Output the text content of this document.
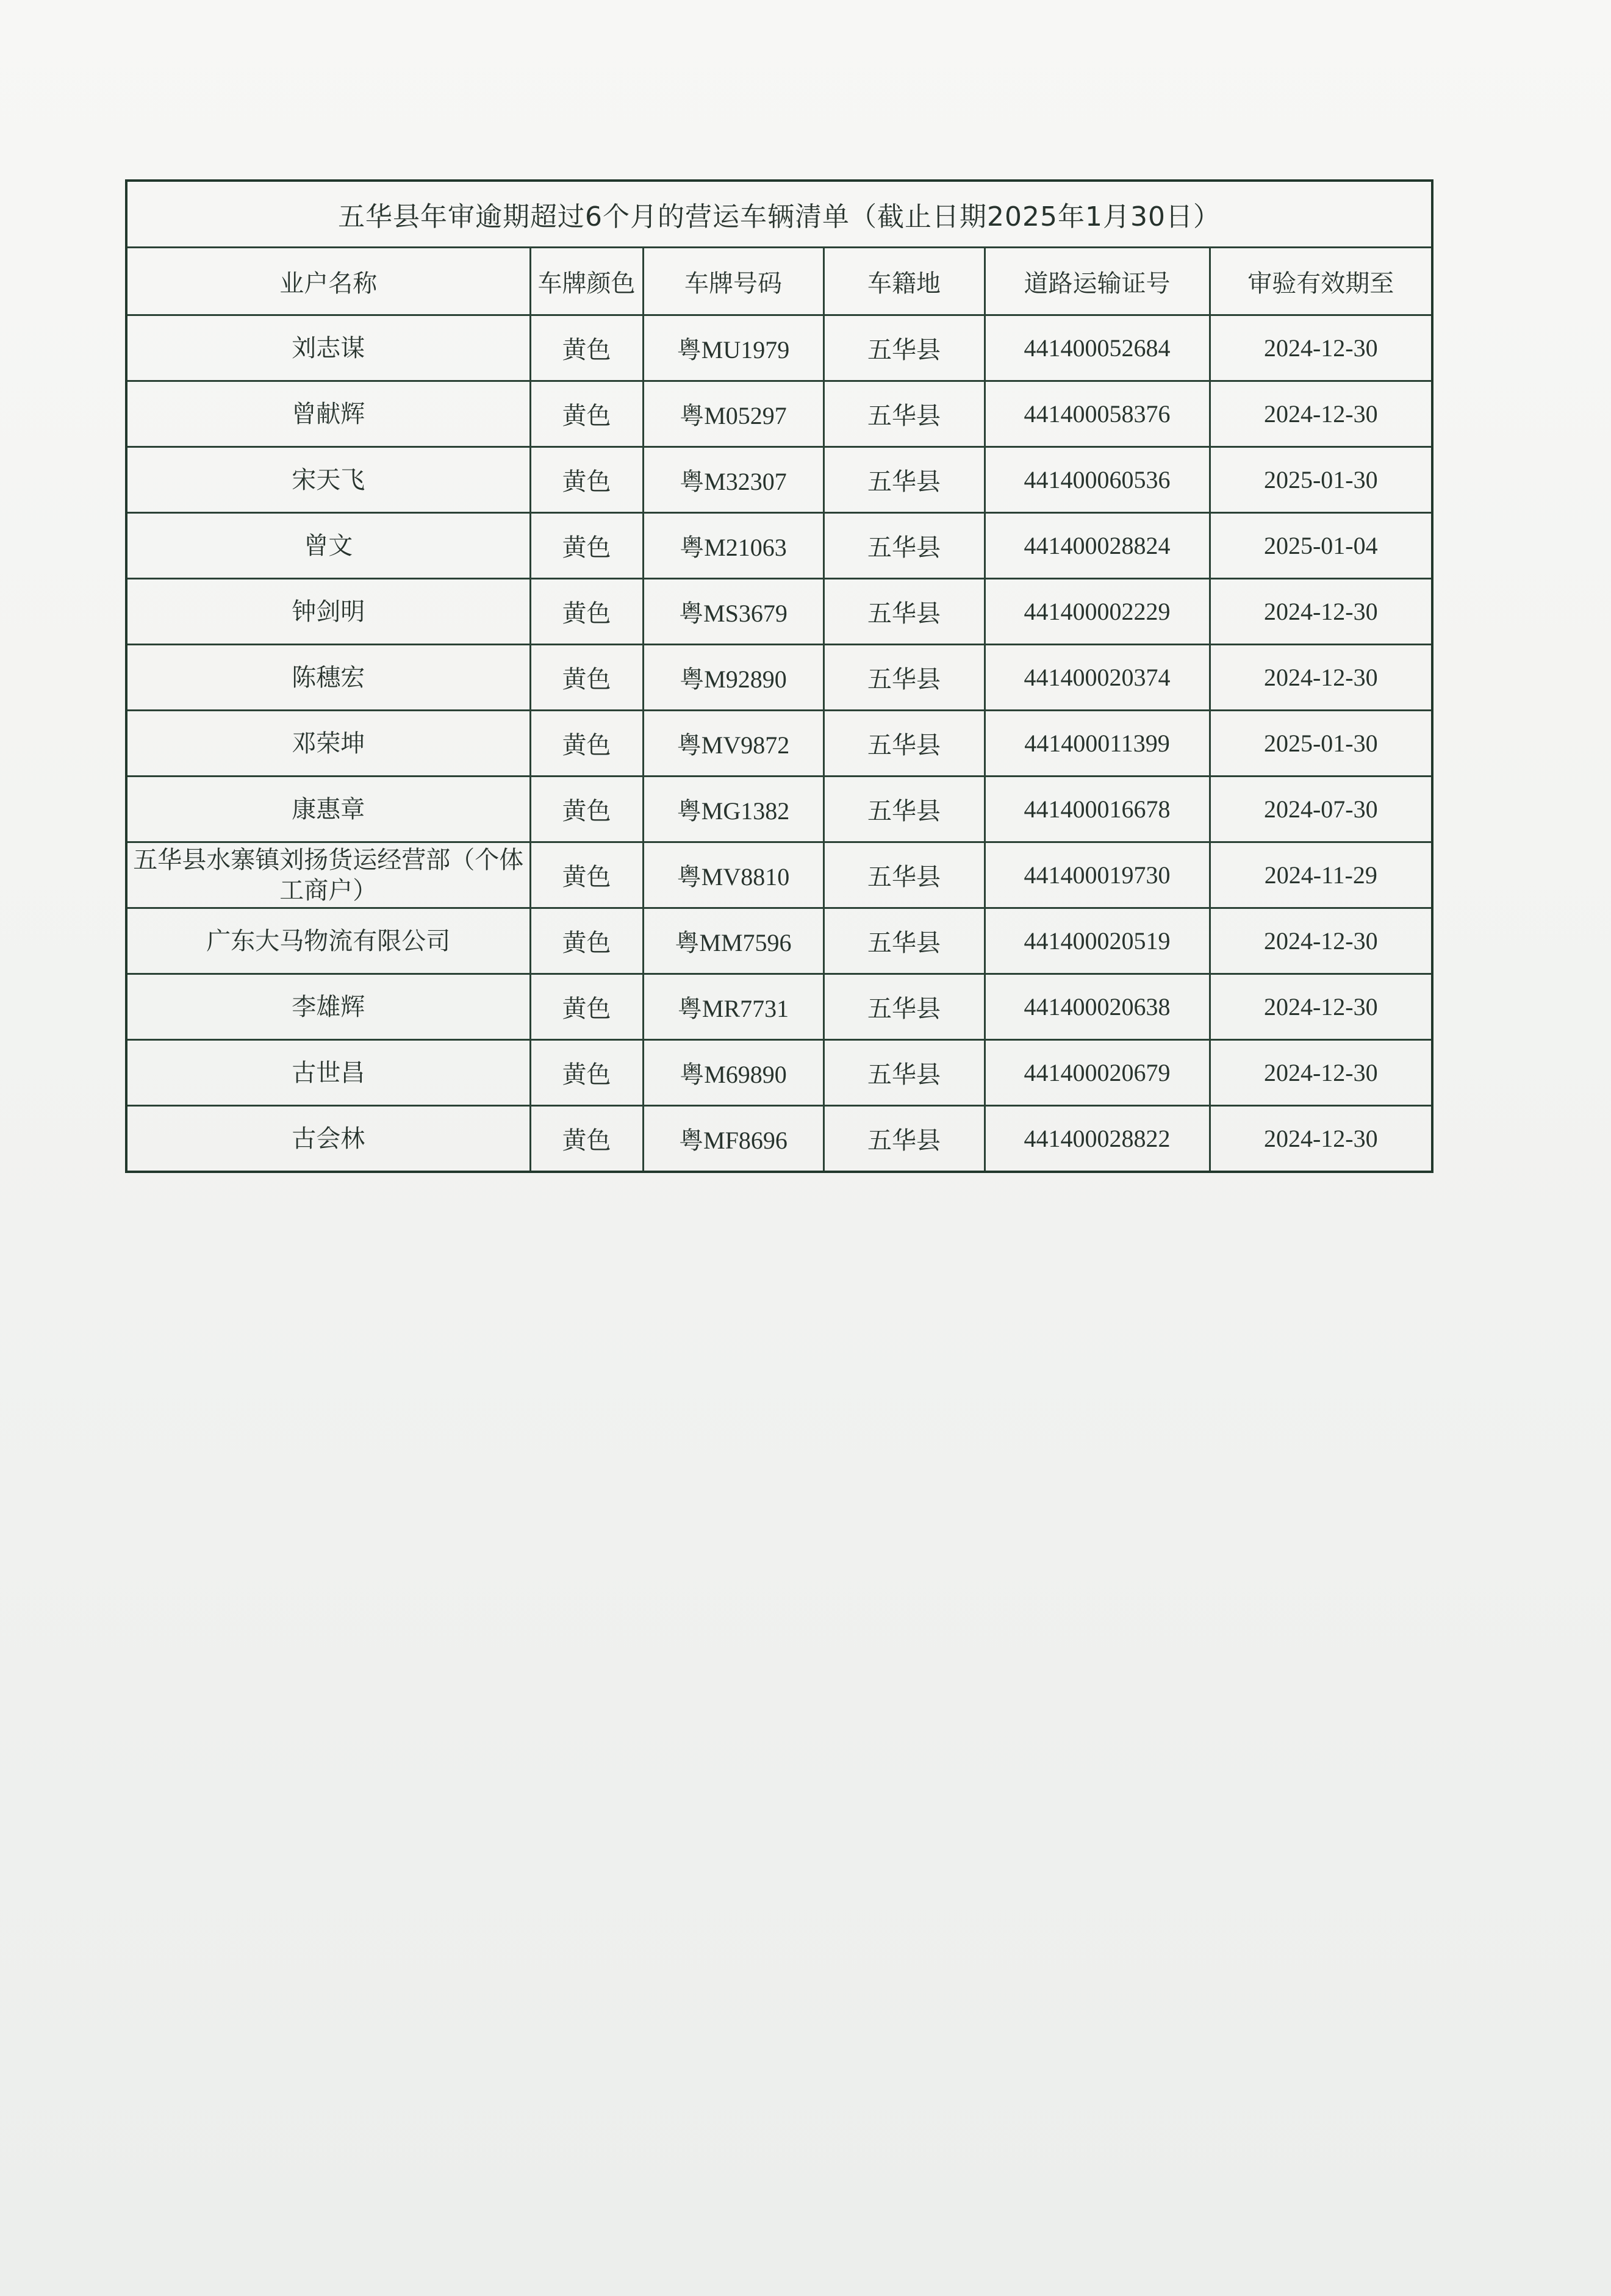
五华县年审逾期超过6个月的营运车辆清单（截止日期2025年1月30日）					
业户名称	车牌颜色	车牌号码	车籍地	道路运输证号	审验有效期至
刘志谋	黄色	粤MU1979	五华县	441400052684	2024-12-30
曾献辉	黄色	粤M05297	五华县	441400058376	2024-12-30
宋天飞	黄色	粤M32307	五华县	441400060536	2025-01-30
曾文	黄色	粤M21063	五华县	441400028824	2025-01-04
钟剑明	黄色	粤MS3679	五华县	441400002229	2024-12-30
陈穗宏	黄色	粤M92890	五华县	441400020374	2024-12-30
邓荣坤	黄色	粤MV9872	五华县	441400011399	2025-01-30
康惠章	黄色	粤MG1382	五华县	441400016678	2024-07-30
五华县水寨镇刘扬货运经营部（个体工商户）	黄色	粤MV8810	五华县	441400019730	2024-11-29
广东大马物流有限公司	黄色	粤MM7596	五华县	441400020519	2024-12-30
李雄辉	黄色	粤MR7731	五华县	441400020638	2024-12-30
古世昌	黄色	粤M69890	五华县	441400020679	2024-12-30
古会林	黄色	粤MF8696	五华县	441400028822	2024-12-30
